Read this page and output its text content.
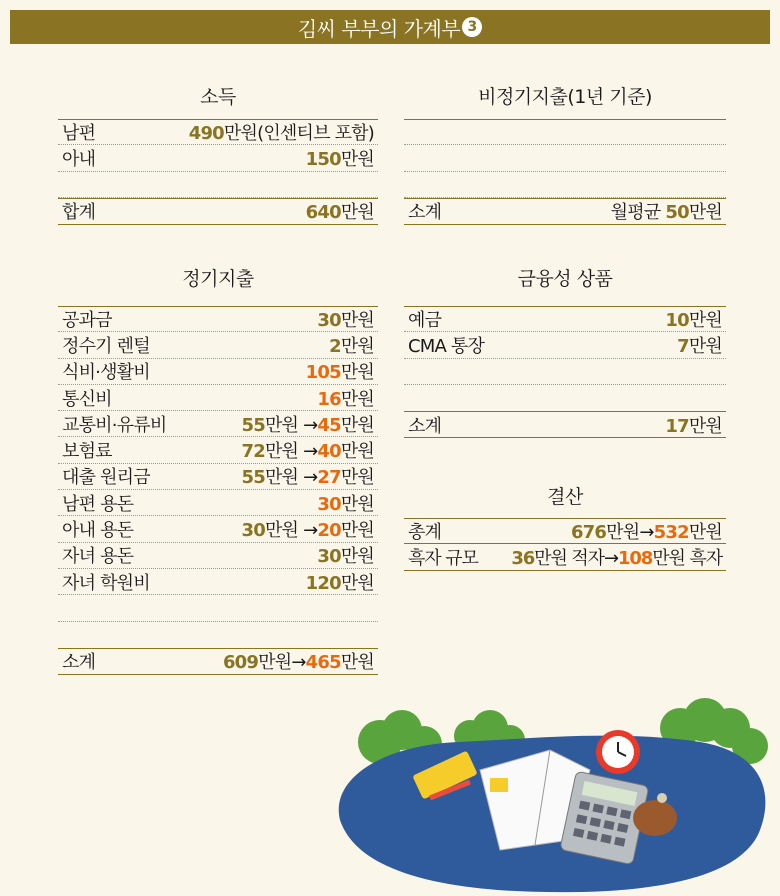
김씨 부부의 가계부 3
소득
남편	490만원(인센티브 포함)
아내	150만원
합계	640만원
비정기지출(1년 기준)
소계	월평균 50만원
정기지출
공과금	30만원
정수기 렌털	2만원
식비·생활비	105만원
통신비	16만원
교통비·유류비	55만원 →45만원
보험료	72만원 →40만원
대출 원리금	55만원 →27만원
남편 용돈	30만원
아내 용돈	30만원 →20만원
자녀 용돈	30만원
자녀 학원비	120만원
소계	609만원→465만원
금융성 상품
예금	10만원
CMA 통장	7만원
소계	17만원
결산
총계	676만원→532만원
흑자 규모 36만원 적자→108만원 흑자
